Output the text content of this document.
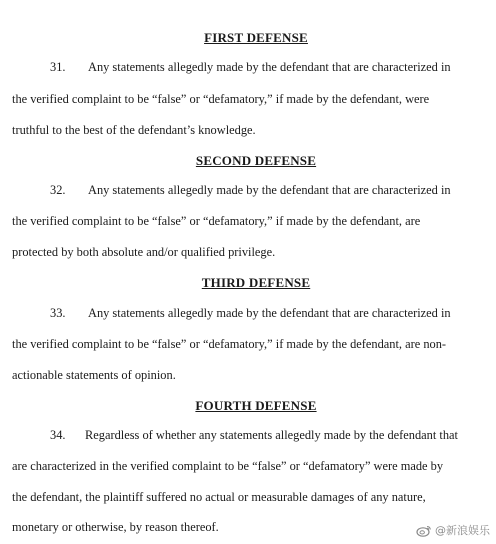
FIRST DEFENSE
31. Any statements allegedly made by the defendant that are characterized in
the verified complaint to be “false” or “defamatory,” if made by the defendant, were
truthful to the best of the defendant’s knowledge.
SECOND DEFENSE
32. Any statements allegedly made by the defendant that are characterized in
the verified complaint to be “false” or “defamatory,” if made by the defendant, are
protected by both absolute and/or qualified privilege.
THIRD DEFENSE
33. Any statements allegedly made by the defendant that are characterized in
the verified complaint to be “false” or “defamatory,” if made by the defendant, are non-
actionable statements of opinion.
FOURTH DEFENSE
34. Regardless of whether any statements allegedly made by the defendant that
are characterized in the verified complaint to be “false” or “defamatory” were made by
the defendant, the plaintiff suffered no actual or measurable damages of any nature,
monetary or otherwise, by reason thereof.	@新浪娱乐
